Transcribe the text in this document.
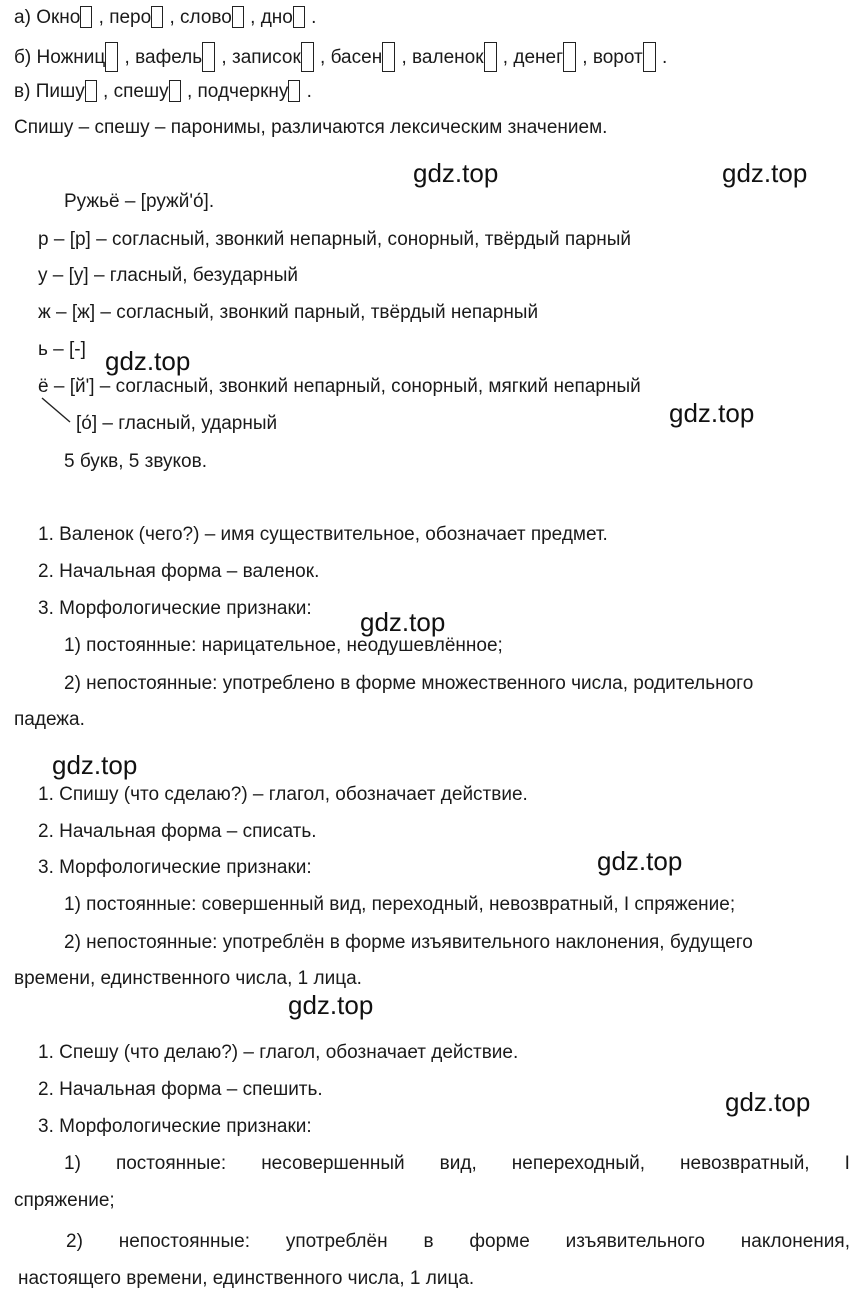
а) Окно , перо , слово , дно .
б) Ножниц , вафель , записок , басен , валенок , денег , ворот .
в) Пишу , спешу , подчеркну .
Спишу – спешу – паронимы, различаются лексическим значением.
Ружьё – [ружй'о́].
р – [р] – согласный, звонкий непарный, сонорный, твёрдый парный
у – [у] – гласный, безударный
ж – [ж] – согласный, звонкий парный, твёрдый непарный
ь – [-]
ё – [й'] – согласный, звонкий непарный, сонорный, мягкий непарный
[о́] – гласный, ударный
5 букв, 5 звуков.
1. Валенок (чего?) – имя существительное, обозначает предмет.
2. Начальная форма – валенок.
3. Морфологические признаки:
1) постоянные: нарицательное, неодушевлённое;
2) непостоянные: употреблено в форме множественного числа, родительного
падежа.
1. Спишу (что сделаю?) – глагол, обозначает действие.
2. Начальная форма – списать.
3. Морфологические признаки:
1) постоянные: совершенный вид, переходный, невозвратный, I спряжение;
2) непостоянные: употреблён в форме изъявительного наклонения, будущего
времени, единственного числа, 1 лица.
1. Спешу (что делаю?) – глагол, обозначает действие.
2. Начальная форма – спешить.
3. Морфологические признаки:
1) постоянные: несовершенный вид, непереходный, невозвратный, I
спряжение;
2) непостоянные: употреблён в форме изъявительного наклонения,
настоящего времени, единственного числа, 1 лица.
gdz.top	gdz.top
gdz.top
gdz.top
gdz.top
gdz.top
gdz.top
gdz.top
gdz.top
